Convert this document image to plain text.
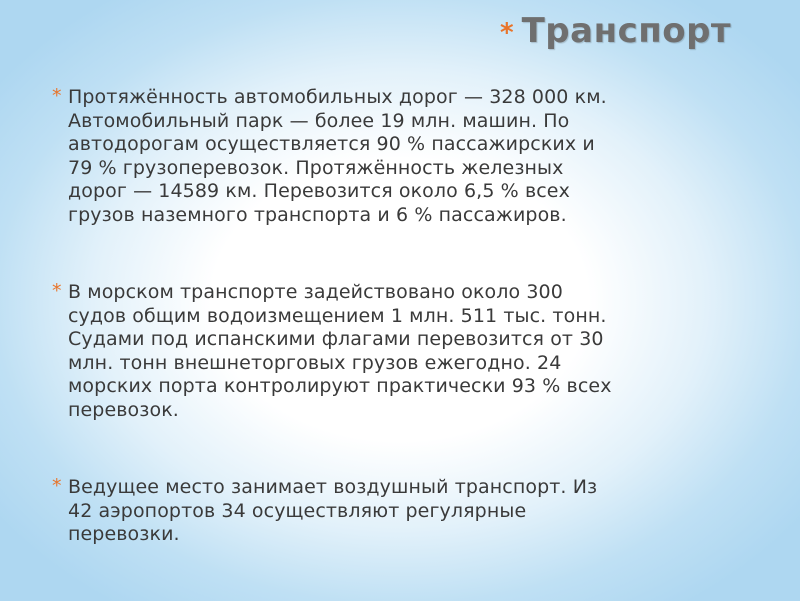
* Транспорт

* Протяжённость автомобильных дорог — 328 000 км.
Автомобильный парк — более 19 млн. машин. По
автодорогам осуществляется 90 % пассажирских и
79 % грузоперевозок. Протяжённость железных
дорог — 14589 км. Перевозится около 6,5 % всех
грузов наземного транспорта и 6 % пассажиров.

* В морском транспорте задействовано около 300
судов общим водоизмещением 1 млн. 511 тыс. тонн.
Судами под испанскими флагами перевозится от 30
млн. тонн внешнеторговых грузов ежегодно. 24
морских порта контролируют практически 93 % всех
перевозок.

* Ведущее место занимает воздушный транспорт. Из
42 аэропортов 34 осуществляют регулярные
перевозки.
